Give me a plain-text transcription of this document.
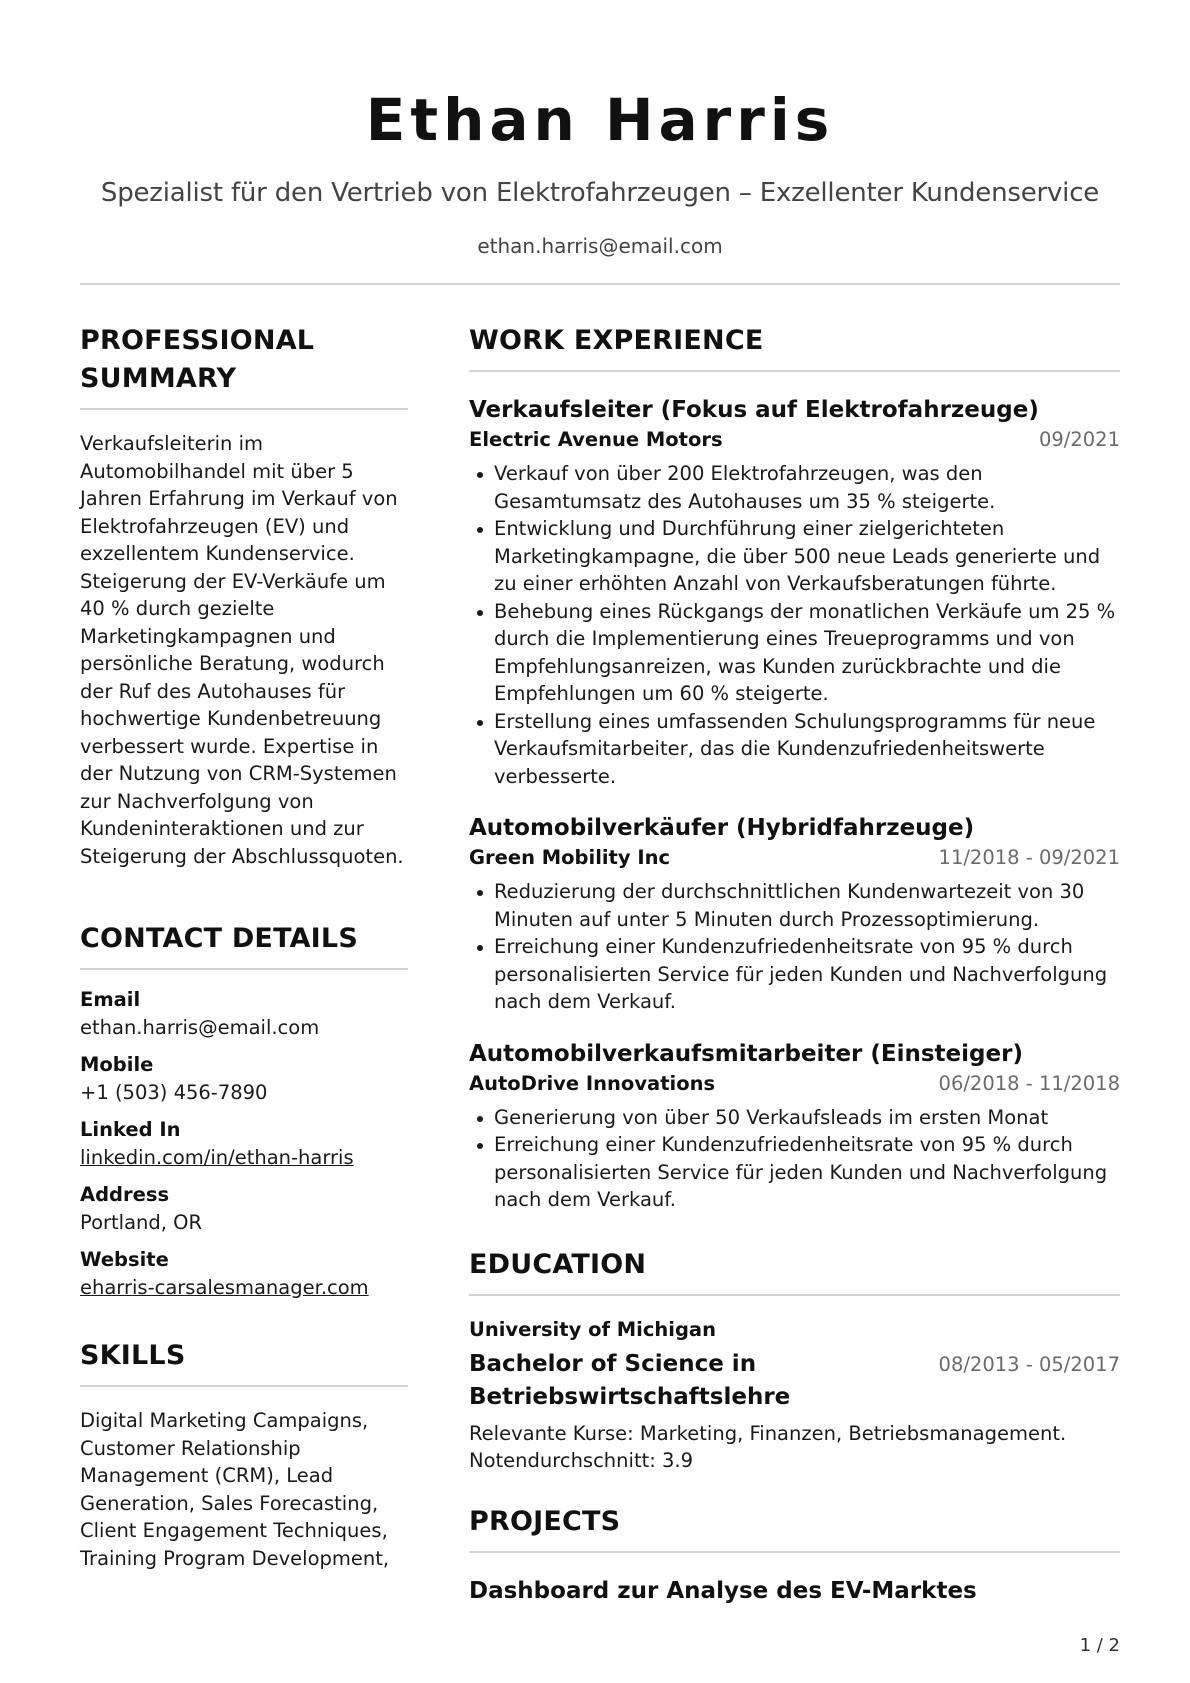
Ethan Harris
Spezialist für den Vertrieb von Elektrofahrzeugen – Exzellenter Kundenservice
ethan.harris@email.com
PROFESSIONAL SUMMARY
Verkaufsleiterin im Automobilhandel mit über 5 Jahren Erfahrung im Verkauf von Elektrofahrzeugen (EV) und exzellentem Kundenservice. Steigerung der EV-Verkäufe um 40 % durch gezielte Marketingkampagnen und persönliche Beratung, wodurch der Ruf des Autohauses für hochwertige Kundenbetreuung verbessert wurde. Expertise in der Nutzung von CRM-Systemen zur Nachverfolgung von Kundeninteraktionen und zur Steigerung der Abschlussquoten.
CONTACT DETAILS
Email
ethan.harris@email.com
Mobile
+1 (503) 456-7890
Linked In
linkedin.com/in/ethan-harris
Address
Portland, OR
Website
eharris-carsalesmanager.com
SKILLS
Digital Marketing Campaigns, Customer Relationship Management (CRM), Lead Generation, Sales Forecasting, Client Engagement Techniques, Training Program Development,
WORK EXPERIENCE
Verkaufsleiter (Fokus auf Elektrofahrzeuge)
Electric Avenue Motors	09/2021
Verkauf von über 200 Elektrofahrzeugen, was den Gesamtumsatz des Autohauses um 35 % steigerte.
Entwicklung und Durchführung einer zielgerichteten Marketingkampagne, die über 500 neue Leads generierte und zu einer erhöhten Anzahl von Verkaufsberatungen führte.
Behebung eines Rückgangs der monatlichen Verkäufe um 25 % durch die Implementierung eines Treueprogramms und von Empfehlungsanreizen, was Kunden zurückbrachte und die Empfehlungen um 60 % steigerte.
Erstellung eines umfassenden Schulungsprogramms für neue Verkaufsmitarbeiter, das die Kundenzufriedenheitswerte verbesserte.
Automobilverkäufer (Hybridfahrzeuge)
Green Mobility Inc	11/2018 - 09/2021
Reduzierung der durchschnittlichen Kundenwartezeit von 30 Minuten auf unter 5 Minuten durch Prozessoptimierung.
Erreichung einer Kundenzufriedenheitsrate von 95 % durch personalisierten Service für jeden Kunden und Nachverfolgung nach dem Verkauf.
Automobilverkaufsmitarbeiter (Einsteiger)
AutoDrive Innovations	06/2018 - 11/2018
Generierung von über 50 Verkaufsleads im ersten Monat
Erreichung einer Kundenzufriedenheitsrate von 95 % durch personalisierten Service für jeden Kunden und Nachverfolgung nach dem Verkauf.
EDUCATION
University of Michigan
Bachelor of Science in Betriebswirtschaftslehre
08/2013 - 05/2017
Relevante Kurse: Marketing, Finanzen, Betriebsmanagement. Notendurchschnitt: 3.9
PROJECTS
Dashboard zur Analyse des EV-Marktes
1 / 2
